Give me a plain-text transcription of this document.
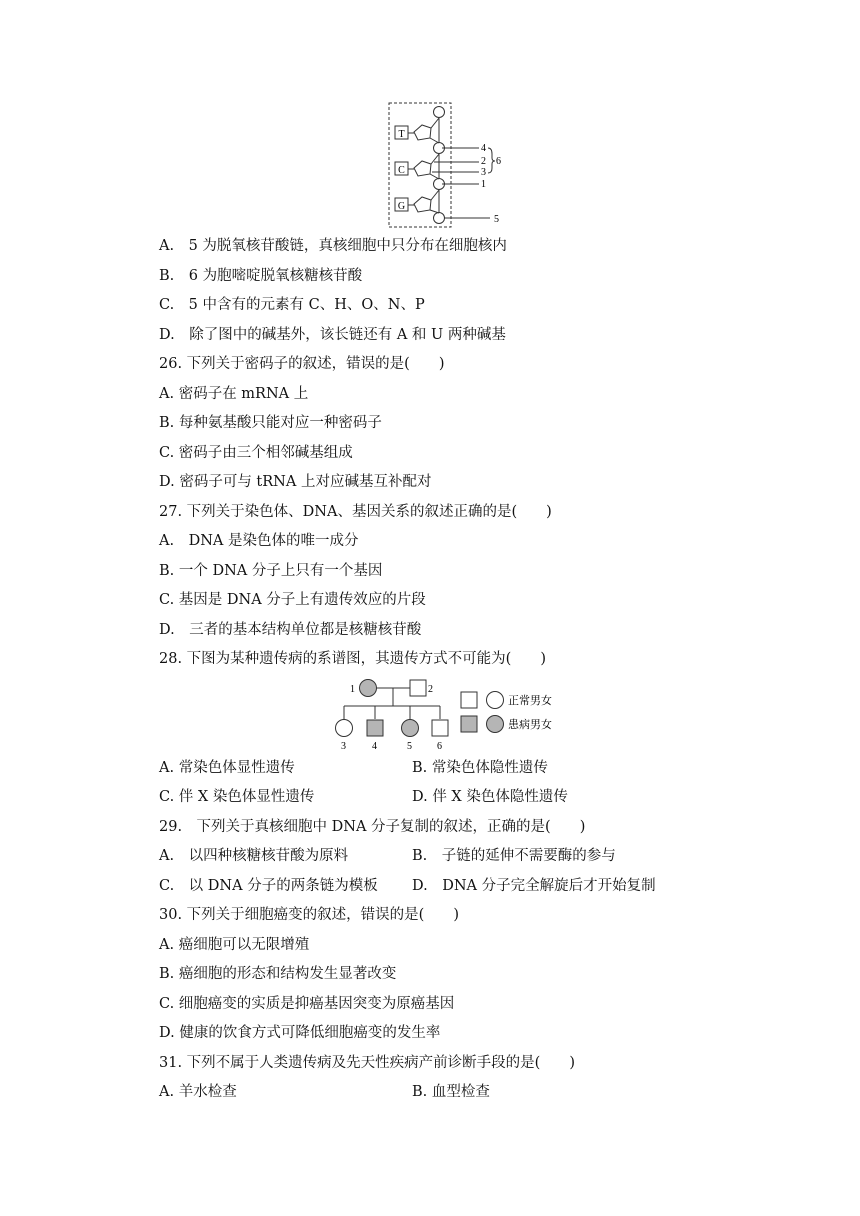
T
C
G
4
2
3
1
6
5
A.　5 为脱氧核苷酸链，真核细胞中只分布在细胞核内
B.　6 为胞嘧啶脱氧核糖核苷酸
C.　5 中含有的元素有 C、H、O、N、P
D.　除了图中的碱基外，该长链还有 A 和 U 两种碱基
26. 下列关于密码子的叙述，错误的是(　　)
A. 密码子在 mRNA 上
B. 每种氨基酸只能对应一种密码子
C. 密码子由三个相邻碱基组成
D. 密码子可与 tRNA 上对应碱基互补配对
27. 下列关于染色体、DNA、基因关系的叙述正确的是(　　)
A.　DNA 是染色体的唯一成分
B. 一个 DNA 分子上只有一个基因
C. 基因是 DNA 分子上有遗传效应的片段
D.　三者的基本结构单位都是核糖核苷酸
28. 下图为某种遗传病的系谱图，其遗传方式不可能为(　　)
1	2
3	4	5	6
正常男女
患病男女
A. 常染色体显性遗传	B. 常染色体隐性遗传
C. 伴 X 染色体显性遗传	D. 伴 X 染色体隐性遗传
29.　下列关于真核细胞中 DNA 分子复制的叙述，正确的是(　　)
A.　以四种核糖核苷酸为原料	B.　子链的延伸不需要酶的参与
C.　以 DNA 分子的两条链为模板 D.　DNA 分子完全解旋后才开始复制
30. 下列关于细胞癌变的叙述，错误的是(　　)
A. 癌细胞可以无限增殖
B. 癌细胞的形态和结构发生显著改变
C. 细胞癌变的实质是抑癌基因突变为原癌基因
D. 健康的饮食方式可降低细胞癌变的发生率
31. 下列不属于人类遗传病及先天性疾病产前诊断手段的是(　　)
A. 羊水检查	B. 血型检查
